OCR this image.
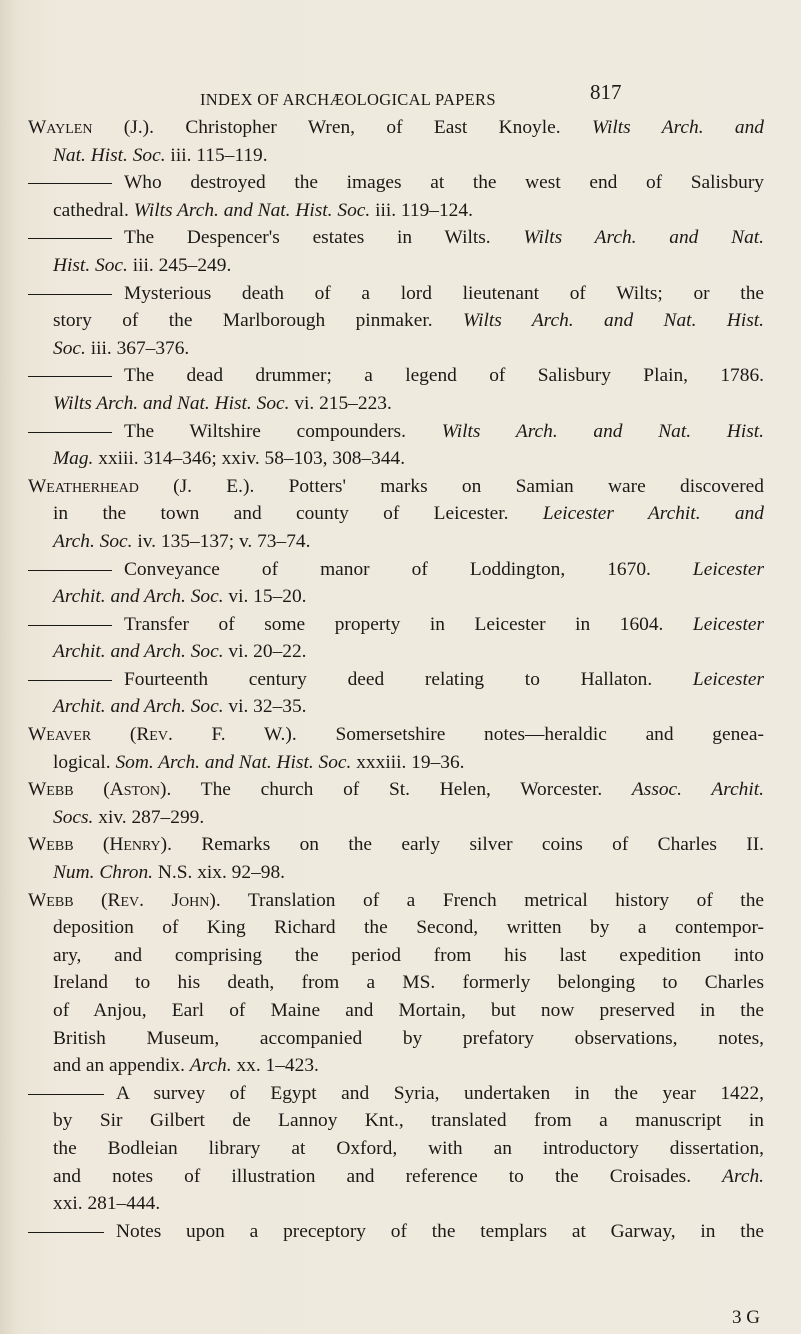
INDEX OF ARCHÆOLOGICAL PAPERS	817
Waylen (J.). Christopher Wren, of East Knoyle. Wilts Arch. and
Nat. Hist. Soc. iii. 115–119.
Who destroyed the images at the west end of Salisbury
cathedral. Wilts Arch. and Nat. Hist. Soc. iii. 119–124.
The Despencer's estates in Wilts. Wilts Arch. and Nat.
Hist. Soc. iii. 245–249.
Mysterious death of a lord lieutenant of Wilts; or the
story of the Marlborough pinmaker. Wilts Arch. and Nat. Hist.
Soc. iii. 367–376.
The dead drummer; a legend of Salisbury Plain, 1786.
Wilts Arch. and Nat. Hist. Soc. vi. 215–223.
The Wiltshire compounders. Wilts Arch. and Nat. Hist.
Mag. xxiii. 314–346; xxiv. 58–103, 308–344.
Weatherhead (J. E.). Potters' marks on Samian ware discovered
in the town and county of Leicester. Leicester Archit. and
Arch. Soc. iv. 135–137; v. 73–74.
Conveyance of manor of Loddington, 1670. Leicester
Archit. and Arch. Soc. vi. 15–20.
Transfer of some property in Leicester in 1604. Leicester
Archit. and Arch. Soc. vi. 20–22.
Fourteenth century deed relating to Hallaton. Leicester
Archit. and Arch. Soc. vi. 32–35.
Weaver (Rev. F. W.). Somersetshire notes—heraldic and genea-
logical. Som. Arch. and Nat. Hist. Soc. xxxiii. 19–36.
Webb (Aston). The church of St. Helen, Worcester. Assoc. Archit.
Socs. xiv. 287–299.
Webb (Henry). Remarks on the early silver coins of Charles II.
Num. Chron. N.S. xix. 92–98.
Webb (Rev. John). Translation of a French metrical history of the
deposition of King Richard the Second, written by a contempor-
ary, and comprising the period from his last expedition into
Ireland to his death, from a MS. formerly belonging to Charles
of Anjou, Earl of Maine and Mortain, but now preserved in the
British Museum, accompanied by prefatory observations, notes,
and an appendix. Arch. xx. 1–423.
A survey of Egypt and Syria, undertaken in the year 1422,
by Sir Gilbert de Lannoy Knt., translated from a manuscript in
the Bodleian library at Oxford, with an introductory dissertation,
and notes of illustration and reference to the Croisades. Arch.
xxi. 281–444.
Notes upon a preceptory of the templars at Garway, in the
3 G
